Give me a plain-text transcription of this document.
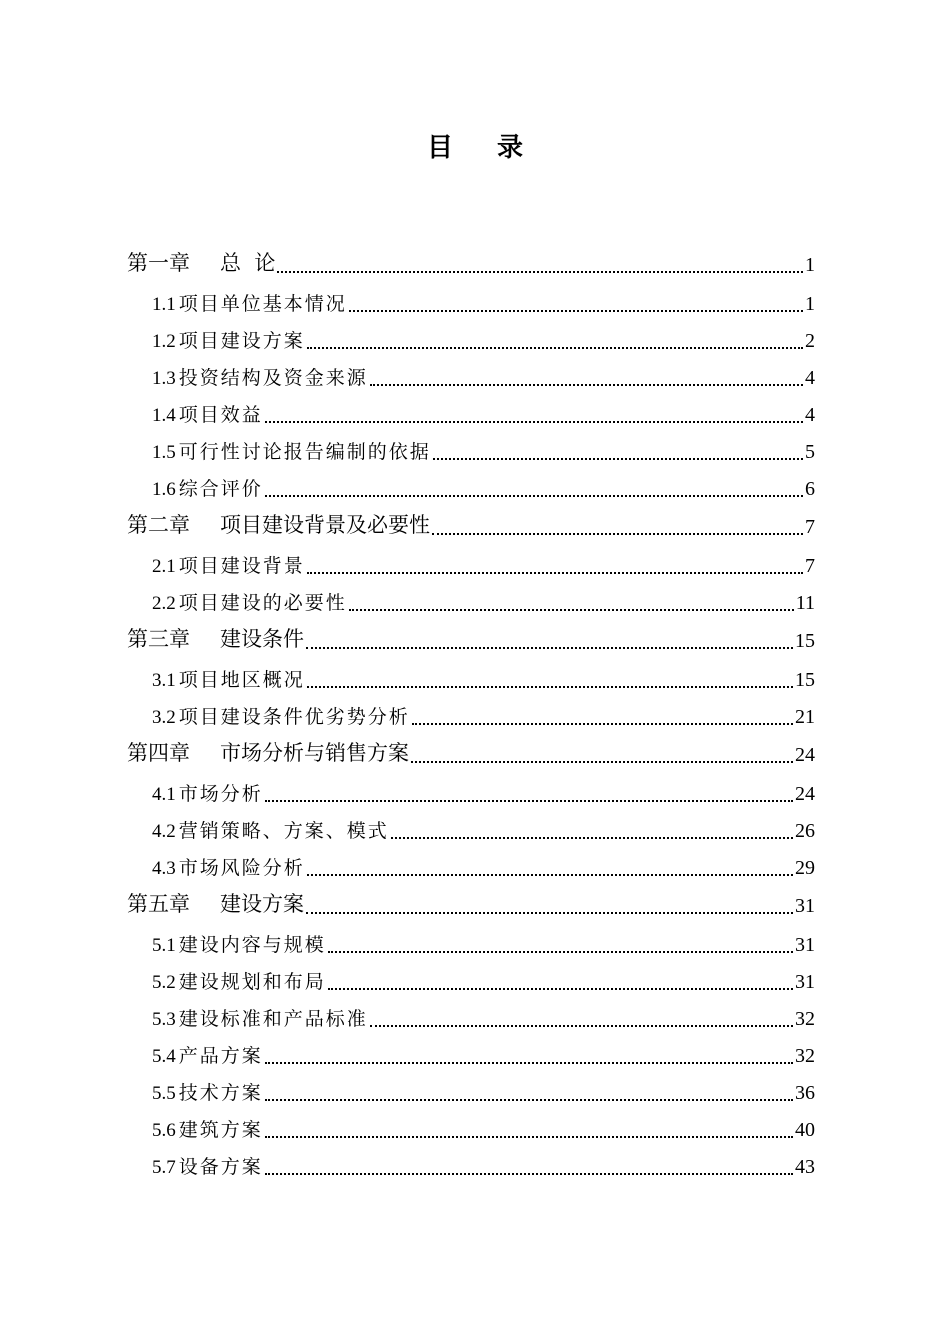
目 录
第一章 总  论	1
1.1 项目单位基本情况	1
1.2 项目建设方案	2
1.3 投资结构及资金来源	4
1.4 项目效益	4
1.5 可行性讨论报告编制的依据	5
1.6 综合评价	6
第二章 项目建设背景及必要性	7
2.1 项目建设背景	7
2.2 项目建设的必要性	11
第三章 建设条件	15
3.1 项目地区概况	15
3.2 项目建设条件优劣势分析	21
第四章 市场分析与销售方案	24
4.1 市场分析	24
4.2 营销策略、方案、模式	26
4.3 市场风险分析	29
第五章 建设方案	31
5.1 建设内容与规模	31
5.2 建设规划和布局	31
5.3 建设标准和产品标准	32
5.4 产品方案	32
5.5 技术方案	36
5.6 建筑方案	40
5.7 设备方案	43
